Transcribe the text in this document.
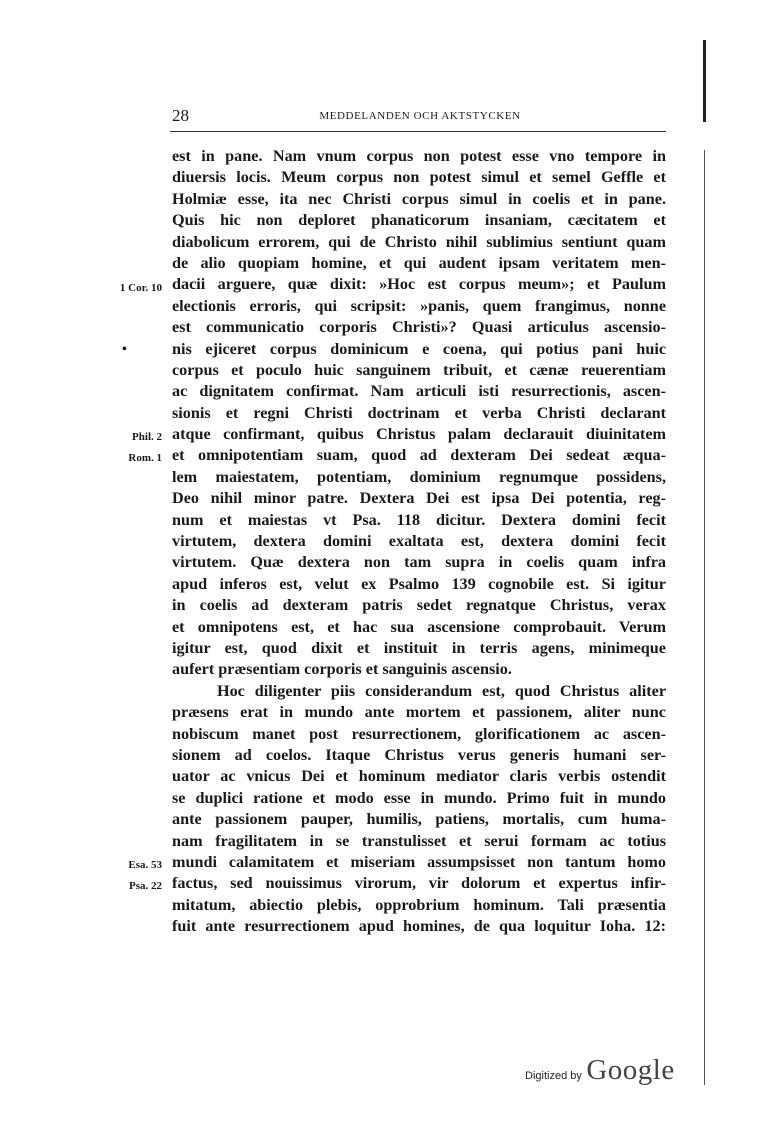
28	MEDDELANDEN OCH AKTSTYCKEN
1 Cor. 10
•
Phil. 2
Rom. 1
Esa. 53
Psa. 22
est in pane. Nam vnum corpus non potest esse vno tempore in
diuersis locis. Meum corpus non potest simul et semel Geffle et
Holmiæ esse, ita nec Christi corpus simul in coelis et in pane.
Quis hic non deploret phanaticorum insaniam, cæcitatem et
diabolicum errorem, qui de Christo nihil sublimius sentiunt quam
de alio quopiam homine, et qui audent ipsam veritatem men-
dacii arguere, quæ dixit: »Hoc est corpus meum»; et Paulum
electionis erroris, qui scripsit: »panis, quem frangimus, nonne
est communicatio corporis Christi»? Quasi articulus ascensio-
nis ejiceret corpus dominicum e coena, qui potius pani huic
corpus et poculo huic sanguinem tribuit, et cænæ reuerentiam
ac dignitatem confirmat. Nam articuli isti resurrectionis, ascen-
sionis et regni Christi doctrinam et verba Christi declarant
atque confirmant, quibus Christus palam declarauit diuinitatem
et omnipotentiam suam, quod ad dexteram Dei sedeat æqua-
lem maiestatem, potentiam, dominium regnumque possidens,
Deo nihil minor patre. Dextera Dei est ipsa Dei potentia, reg-
num et maiestas vt Psa. 118 dicitur. Dextera domini fecit
virtutem, dextera domini exaltata est, dextera domini fecit
virtutem. Quæ dextera non tam supra in coelis quam infra
apud inferos est, velut ex Psalmo 139 cognobile est. Si igitur
in coelis ad dexteram patris sedet regnatque Christus, verax
et omnipotens est, et hac sua ascensione comprobauit. Verum
igitur est, quod dixit et instituit in terris agens, minimeque
aufert præsentiam corporis et sanguinis ascensio.
Hoc diligenter piis considerandum est, quod Christus aliter
præsens erat in mundo ante mortem et passionem, aliter nunc
nobiscum manet post resurrectionem, glorificationem ac ascen-
sionem ad coelos. Itaque Christus verus generis humani ser-
uator ac vnicus Dei et hominum mediator claris verbis ostendit
se duplici ratione et modo esse in mundo. Primo fuit in mundo
ante passionem pauper, humilis, patiens, mortalis, cum huma-
nam fragilitatem in se transtulisset et serui formam ac totius
mundi calamitatem et miseriam assumpsisset non tantum homo
factus, sed nouissimus virorum, vir dolorum et expertus infir-
mitatum, abiectio plebis, opprobrium hominum. Tali præsentia
fuit ante resurrectionem apud homines, de qua loquitur Ioha. 12:
Digitized by Google
